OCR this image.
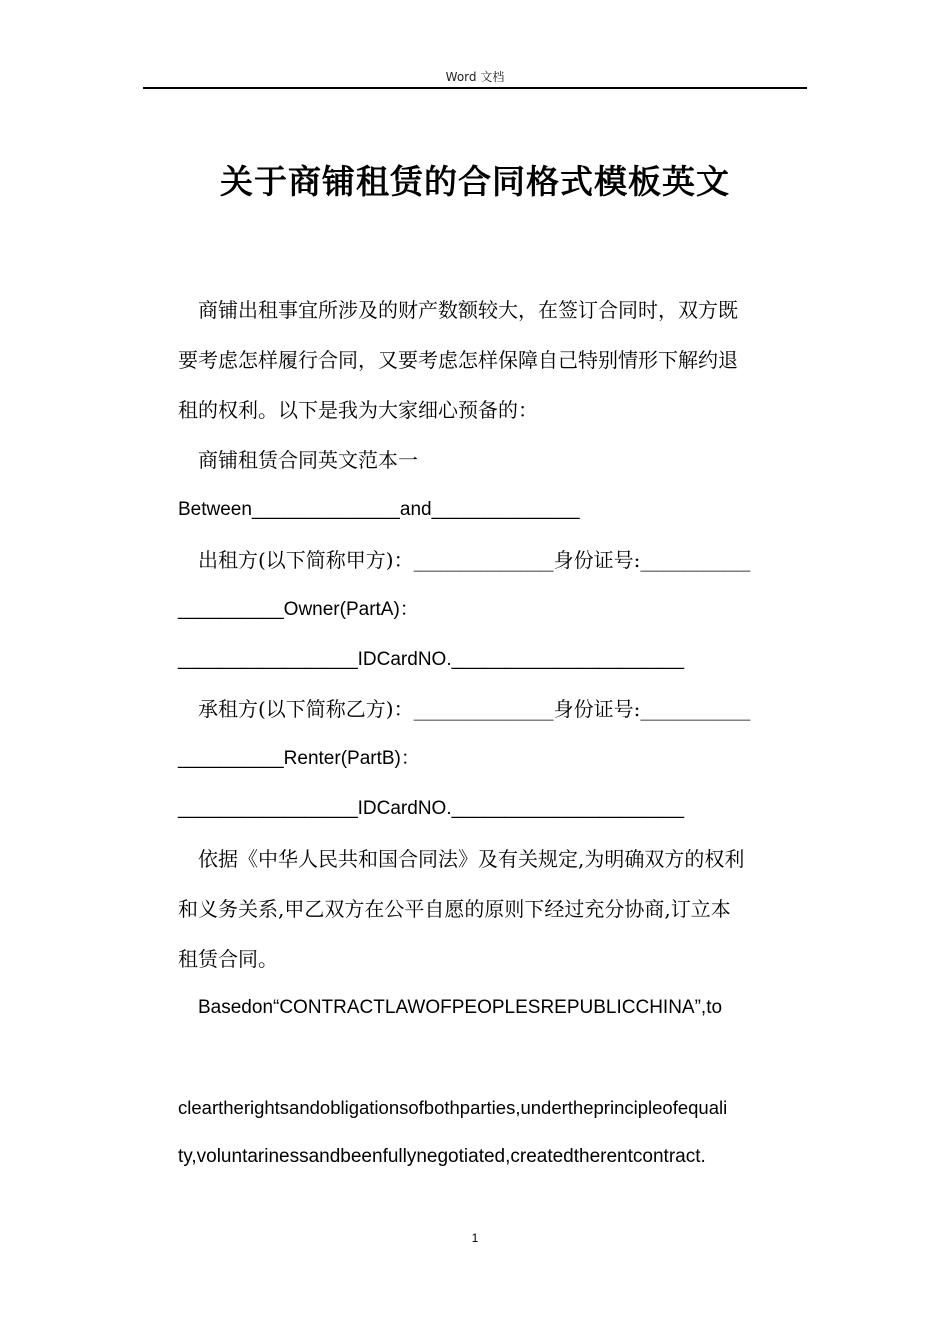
Word 文档
关于商铺租赁的合同格式模板英文
商铺出租事宜所涉及的财产数额较大，在签订合同时，双方既
要考虑怎样履行合同，又要考虑怎样保障自己特别情形下解约退
租的权利。以下是我为大家细心预备的：
商铺租赁合同英文范本一
Between______________and______________
出租方(以下简称甲方)：______________身份证号:___________
__________Owner(PartA)：
_________________IDCardNO.______________________
承租方(以下简称乙方)：______________身份证号:___________
__________Renter(PartB)：
_________________IDCardNO.______________________
依据《中华人民共和国合同法》及有关规定,为明确双方的权利
和义务关系,甲乙双方在公平自愿的原则下经过充分协商,订立本
租赁合同。
Basedon“CONTRACTLAWOFPEOPLESREPUBLICCHINA”,to
cleartherightsandobligationsofbothparties,undertheprincipleofequali
ty,voluntarinessandbeenfullynegotiated,createdtherentcontract.
1
